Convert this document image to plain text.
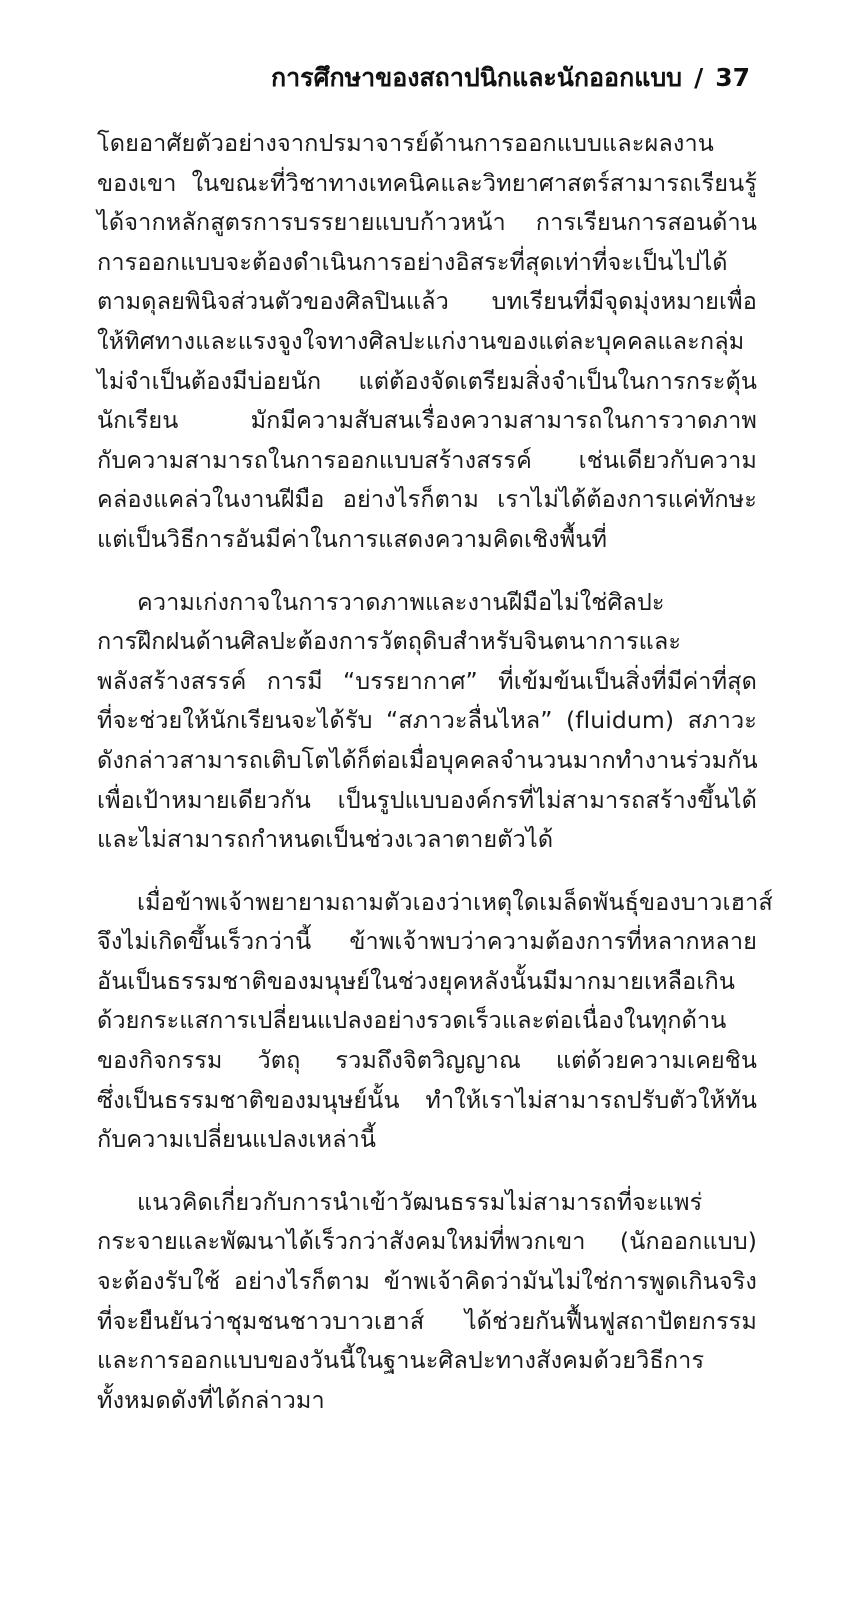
การศึกษาของสถาปนิกและนักออกแบบ / 37
โดยอาศัยตัวอย่างจากปรมาจารย์ด้านการออกแบบและผลงาน
ของเขา ในขณะที่วิชาทางเทคนิคและวิทยาศาสตร์สามารถเรียนรู้
ได้จากหลักสูตรการบรรยายแบบก้าวหน้า การเรียนการสอนด้าน
การออกแบบจะต้องดำเนินการอย่างอิสระที่สุดเท่าที่จะเป็นไปได้
ตามดุลยพินิจส่วนตัวของศิลปินแล้ว บทเรียนที่มีจุดมุ่งหมายเพื่อ
ให้ทิศทางและแรงจูงใจทางศิลปะแก่งานของแต่ละบุคคลและกลุ่ม
ไม่จำเป็นต้องมีบ่อยนัก แต่ต้องจัดเตรียมสิ่งจำเป็นในการกระตุ้น
นักเรียน มักมีความสับสนเรื่องความสามารถในการวาดภาพ
กับความสามารถในการออกแบบสร้างสรรค์ เช่นเดียวกับความ
คล่องแคล่วในงานฝีมือ อย่างไรก็ตาม เราไม่ได้ต้องการแค่ทักษะ
แต่เป็นวิธีการอันมีค่าในการแสดงความคิดเชิงพื้นที่
ความเก่งกาจในการวาดภาพและงานฝีมือไม่ใช่ศิลปะ
การฝึกฝนด้านศิลปะต้องการวัตถุดิบสำหรับจินตนาการและ
พลังสร้างสรรค์ การมี “บรรยากาศ” ที่เข้มข้นเป็นสิ่งที่มีค่าที่สุด
ที่จะช่วยให้นักเรียนจะได้รับ “สภาวะลื่นไหล” (fluidum) สภาวะ
ดังกล่าวสามารถเติบโตได้ก็ต่อเมื่อบุคคลจำนวนมากทำงานร่วมกัน
เพื่อเป้าหมายเดียวกัน เป็นรูปแบบองค์กรที่ไม่สามารถสร้างขึ้นได้
และไม่สามารถกำหนดเป็นช่วงเวลาตายตัวได้
เมื่อข้าพเจ้าพยายามถามตัวเองว่าเหตุใดเมล็ดพันธุ์ของบาวเฮาส์
จึงไม่เกิดขึ้นเร็วกว่านี้ ข้าพเจ้าพบว่าความต้องการที่หลากหลาย
อันเป็นธรรมชาติของมนุษย์ในช่วงยุคหลังนั้นมีมากมายเหลือเกิน
ด้วยกระแสการเปลี่ยนแปลงอย่างรวดเร็วและต่อเนื่องในทุกด้าน
ของกิจกรรม วัตถุ รวมถึงจิตวิญญาณ แต่ด้วยความเคยชิน
ซึ่งเป็นธรรมชาติของมนุษย์นั้น ทำให้เราไม่สามารถปรับตัวให้ทัน
กับความเปลี่ยนแปลงเหล่านี้
แนวคิดเกี่ยวกับการนำเข้าวัฒนธรรมไม่สามารถที่จะแพร่
กระจายและพัฒนาได้เร็วกว่าสังคมใหม่ที่พวกเขา (นักออกแบบ)
จะต้องรับใช้ อย่างไรก็ตาม ข้าพเจ้าคิดว่ามันไม่ใช่การพูดเกินจริง
ที่จะยืนยันว่าชุมชนชาวบาวเฮาส์ ได้ช่วยกันฟื้นฟูสถาปัตยกรรม
และการออกแบบของวันนี้ในฐานะศิลปะทางสังคมด้วยวิธีการ
ทั้งหมดดังที่ได้กล่าวมา
